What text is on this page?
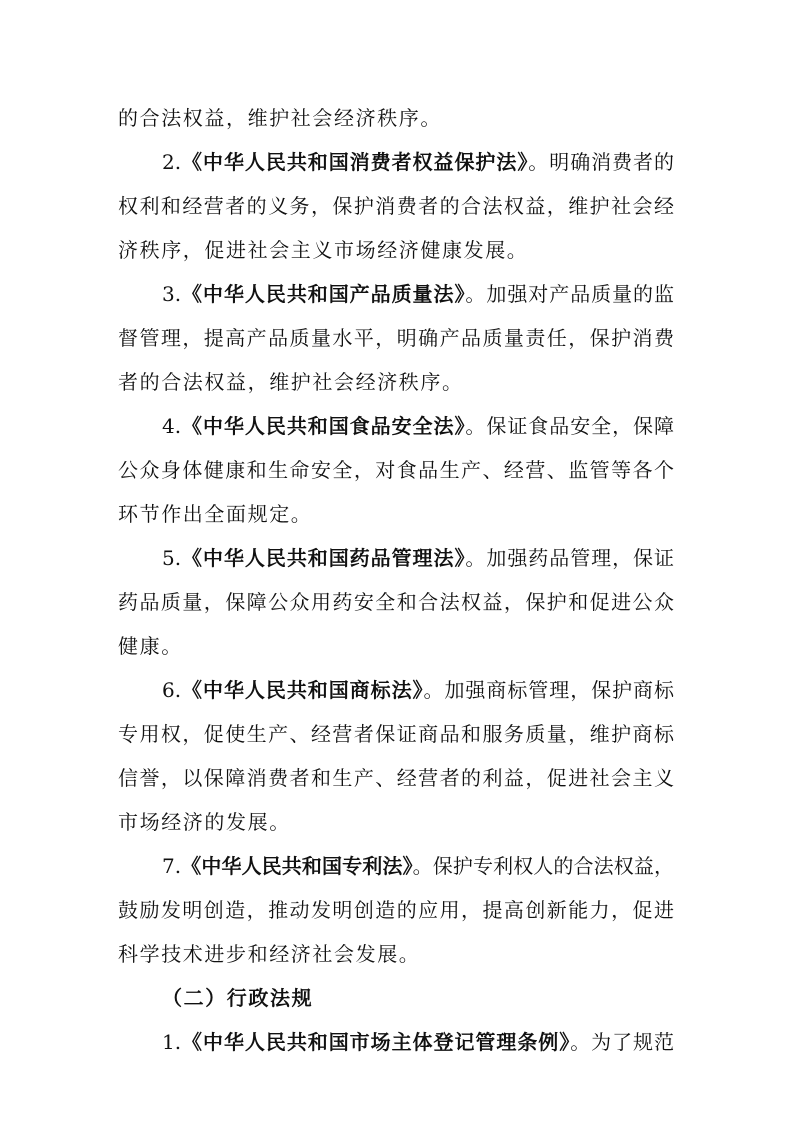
的合法权益，维护社会经济秩序。
2.《中华人民共和国消费者权益保护法》。明确消费者的
权利和经营者的义务，保护消费者的合法权益，维护社会经
济秩序，促进社会主义市场经济健康发展。
3.《中华人民共和国产品质量法》。加强对产品质量的监
督管理，提高产品质量水平，明确产品质量责任，保护消费
者的合法权益，维护社会经济秩序。
4.《中华人民共和国食品安全法》。保证食品安全，保障
公众身体健康和生命安全，对食品生产、经营、监管等各个
环节作出全面规定。
5.《中华人民共和国药品管理法》。加强药品管理，保证
药品质量，保障公众用药安全和合法权益，保护和促进公众
健康。
6.《中华人民共和国商标法》。加强商标管理，保护商标
专用权，促使生产、经营者保证商品和服务质量，维护商标
信誉，以保障消费者和生产、经营者的利益，促进社会主义
市场经济的发展。
7.《中华人民共和国专利法》。保护专利权人的合法权益，
鼓励发明创造，推动发明创造的应用，提高创新能力，促进
科学技术进步和经济社会发展。
（二）行政法规
1.《中华人民共和国市场主体登记管理条例》。为了规范
